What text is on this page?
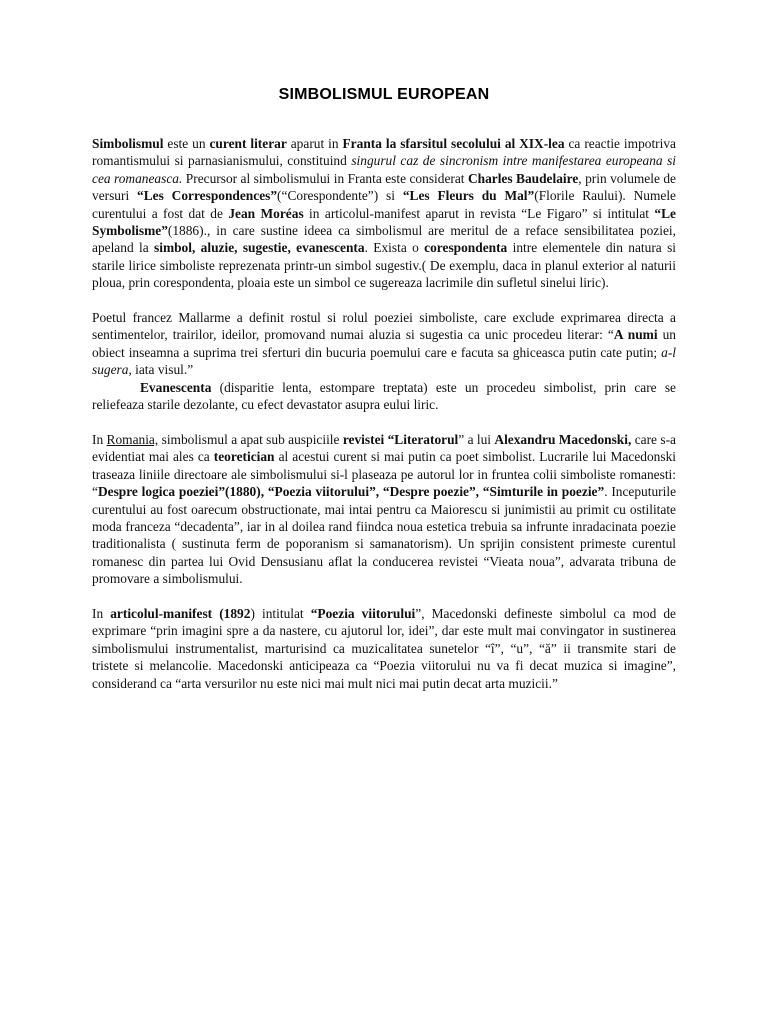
SIMBOLISMUL EUROPEAN

Simbolismul este un curent literar aparut in Franta la sfarsitul secolului al XIX-lea ca reactie impotriva romantismului si parnasianismului, constituind singurul caz de sincronism intre manifestarea europeana si cea romaneasca. Precursor al simbolismului in Franta este considerat Charles Baudelaire, prin volumele de versuri “Les Correspondences”(“Corespondente”) si “Les Fleurs du Mal”(Florile Raului). Numele curentului a fost dat de Jean Moréas in articolul-manifest aparut in revista “Le Figaro” si intitulat “Le Symbolisme”(1886)., in care sustine ideea ca simbolismul are meritul de a reface sensibilitatea poziei, apeland la simbol, aluzie, sugestie, evanescenta. Exista o corespondenta intre elementele din natura si starile lirice simboliste reprezenata printr-un simbol sugestiv.( De exemplu, daca in planul exterior al naturii ploua, prin corespondenta, ploaia este un simbol ce sugereaza lacrimile din sufletul sinelui liric).

Poetul francez Mallarme a definit rostul si rolul poeziei simboliste, care exclude exprimarea directa a sentimentelor, trairilor, ideilor, promovand numai aluzia si sugestia ca unic procedeu literar: “A numi un obiect inseamna a suprima trei sferturi din bucuria poemului care e facuta sa ghiceasca putin cate putin; a-l sugera, iata visul.”

Evanescenta (disparitie lenta, estompare treptata) este un procedeu simbolist, prin care se reliefeaza starile dezolante, cu efect devastator asupra eului liric.

In Romania, simbolismul a apat sub auspiciile revistei “Literatorul” a lui Alexandru Macedonski, care s-a evidentiat mai ales ca teoretician al acestui curent si mai putin ca poet simbolist. Lucrarile lui Macedonski traseaza liniile directoare ale simbolismului si-l plaseaza pe autorul lor in fruntea colii simboliste romanesti: “Despre logica poeziei”(1880), “Poezia viitorului”, “Despre poezie”, “Simturile in poezie”. Inceputurile curentului au fost oarecum obstructionate, mai intai pentru ca Maiorescu si junimistii au primit cu ostilitate moda franceza “decadenta”, iar in al doilea rand fiindca noua estetica trebuia sa infrunte inradacinata poezie traditionalista ( sustinuta ferm de poporanism si samanatorism). Un sprijin consistent primeste curentul romanesc din partea lui Ovid Densusianu aflat la conducerea revistei “Vieata noua”, advarata tribuna de promovare a simbolismului.

In articolul-manifest (1892) intitulat “Poezia viitorului”, Macedonski defineste simbolul ca mod de exprimare “prin imagini spre a da nastere, cu ajutorul lor, idei”, dar este mult mai convingator in sustinerea simbolismului instrumentalist, marturisind ca muzicalitatea sunetelor “î”, “u”, “ă” ii transmite stari de tristete si melancolie. Macedonski anticipeaza ca “Poezia viitorului nu va fi decat muzica si imagine”, considerand ca “arta versurilor nu este nici mai mult nici mai putin decat arta muzicii.”
